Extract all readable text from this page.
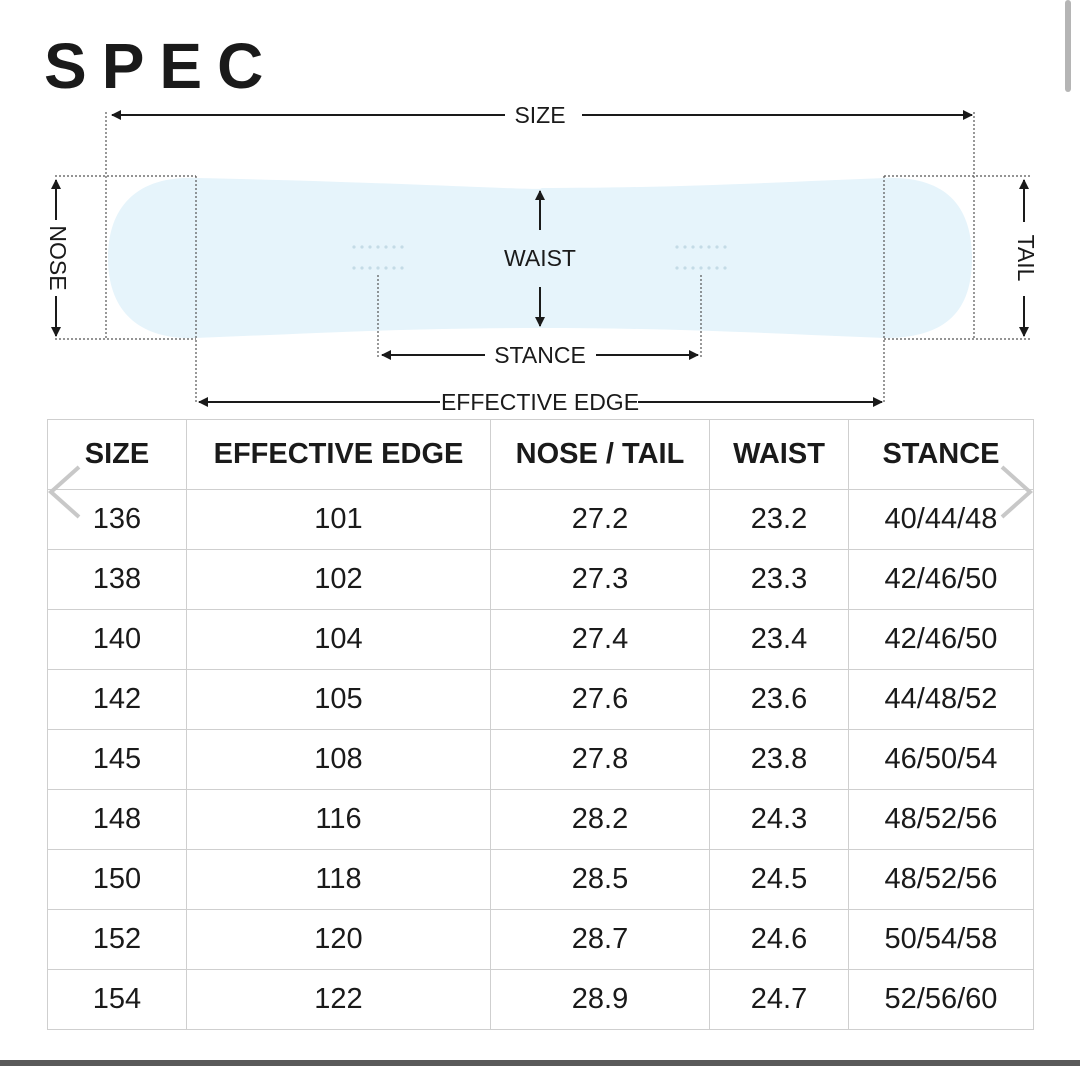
SPEC
SIZE
NOSE	TAIL
WAIST
STANCE
EFFECTIVE EDGE
SIZE	EFFECTIVE EDGE	NOSE / TAIL	WAIST	STANCE
136	101	27.2	23.2	40/44/48
138	102	27.3	23.3	42/46/50
140	104	27.4	23.4	42/46/50
142	105	27.6	23.6	44/48/52
145	108	27.8	23.8	46/50/54
148	116	28.2	24.3	48/52/56
150	118	28.5	24.5	48/52/56
152	120	28.7	24.6	50/54/58
154	122	28.9	24.7	52/56/60
